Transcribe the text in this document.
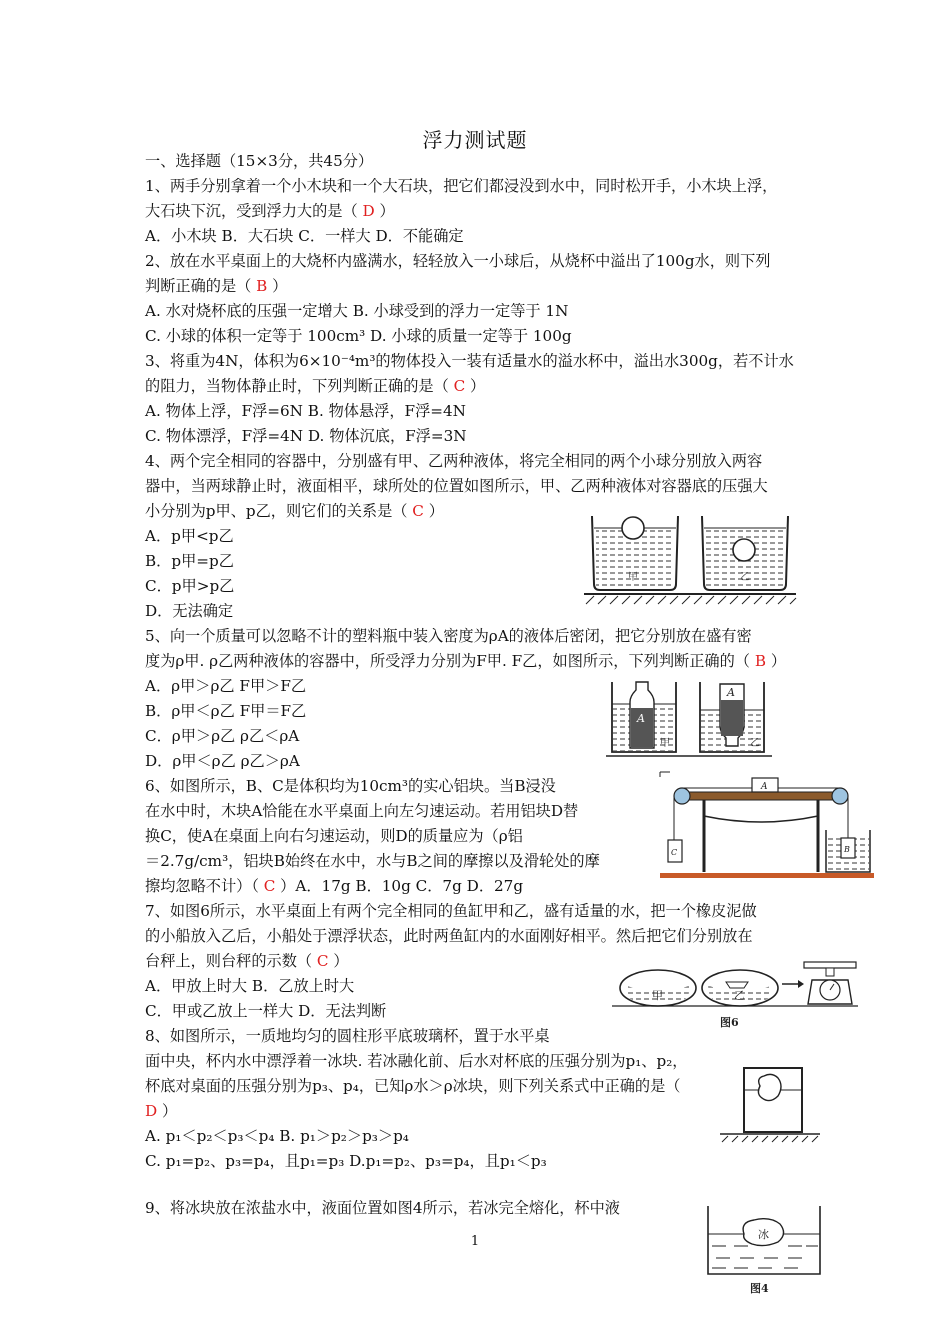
浮力测试题
一、选择题（15×3分，共45分）
1、两手分别拿着一个小木块和一个大石块，把它们都浸没到水中，同时松开手，小木块上浮，
大石块下沉，受到浮力大的是（ D ）
A．小木块 B．大石块 C．一样大 D．不能确定
2、放在水平桌面上的大烧杯内盛满水，轻轻放入一小球后，从烧杯中溢出了100g水，则下列
判断正确的是（ B ）
A. 水对烧杯底的压强一定增大 B. 小球受到的浮力一定等于 1N
C. 小球的体积一定等于 100cm³ D. 小球的质量一定等于 100g
3、将重为4N，体积为6×10⁻⁴m³的物体投入一装有适量水的溢水杯中，溢出水300g，若不计水
的阻力，当物体静止时，下列判断正确的是（ C ）
A. 物体上浮，F浮=6N B. 物体悬浮，F浮=4N
C. 物体漂浮，F浮=4N D. 物体沉底，F浮=3N
4、两个完全相同的容器中，分别盛有甲、乙两种液体，将完全相同的两个小球分别放入两容
器中，当两球静止时，液面相平，球所处的位置如图所示，甲、乙两种液体对容器底的压强大
小分别为p甲、p乙，则它们的关系是（ C ）
A．p甲<p乙
B．p甲=p乙
C．p甲>p乙
D．无法确定
甲	乙
5、向一个质量可以忽略不计的塑料瓶中装入密度为ρA的液体后密闭，把它分别放在盛有密
度为ρ甲. ρ乙两种液体的容器中，所受浮力分别为F甲. F乙，如图所示，下列判断正确的（ B ）
A．ρ甲＞ρ乙 F甲＞F乙
B．ρ甲＜ρ乙 F甲＝F乙
C．ρ甲＞ρ乙 ρ乙＜ρA
D．ρ甲＜ρ乙 ρ乙＞ρA
A
甲
A
乙
6、如图所示，B、C是体积均为10cm³的实心铝块。当B浸没
在水中时，木块A恰能在水平桌面上向左匀速运动。若用铝块D替
换C，使A在桌面上向右匀速运动，则D的质量应为（ρ铝
＝2.7g/cm³，铝块B始终在水中，水与B之间的摩擦以及滑轮处的摩
擦均忽略不计）（ C ）A．17g B．10g C．7g D．27g
A
C	B
7、如图6所示，水平桌面上有两个完全相同的鱼缸甲和乙，盛有适量的水，把一个橡皮泥做
的小船放入乙后，小船处于漂浮状态，此时两鱼缸内的水面刚好相平。然后把它们分别放在
台秤上，则台秤的示数（ C ）
A．甲放上时大 B．乙放上时大
C．甲或乙放上一样大 D．无法判断
甲	乙
图6
8、如图所示，一质地均匀的圆柱形平底玻璃杯，置于水平桌
面中央，杯内水中漂浮着一冰块. 若冰融化前、后水对杯底的压强分别为p₁、p₂，
杯底对桌面的压强分别为p₃、p₄，已知ρ水＞ρ冰块，则下列关系式中正确的是（
D ）
A. p₁＜p₂＜p₃＜p₄ B. p₁＞p₂＞p₃＞p₄
C. p₁=p₂、p₃=p₄，且p₁=p₃ D.p₁=p₂、p₃=p₄，且p₁＜p₃
9、将冰块放在浓盐水中，液面位置如图4所示，若冰完全熔化，杯中液
冰
图4
1
